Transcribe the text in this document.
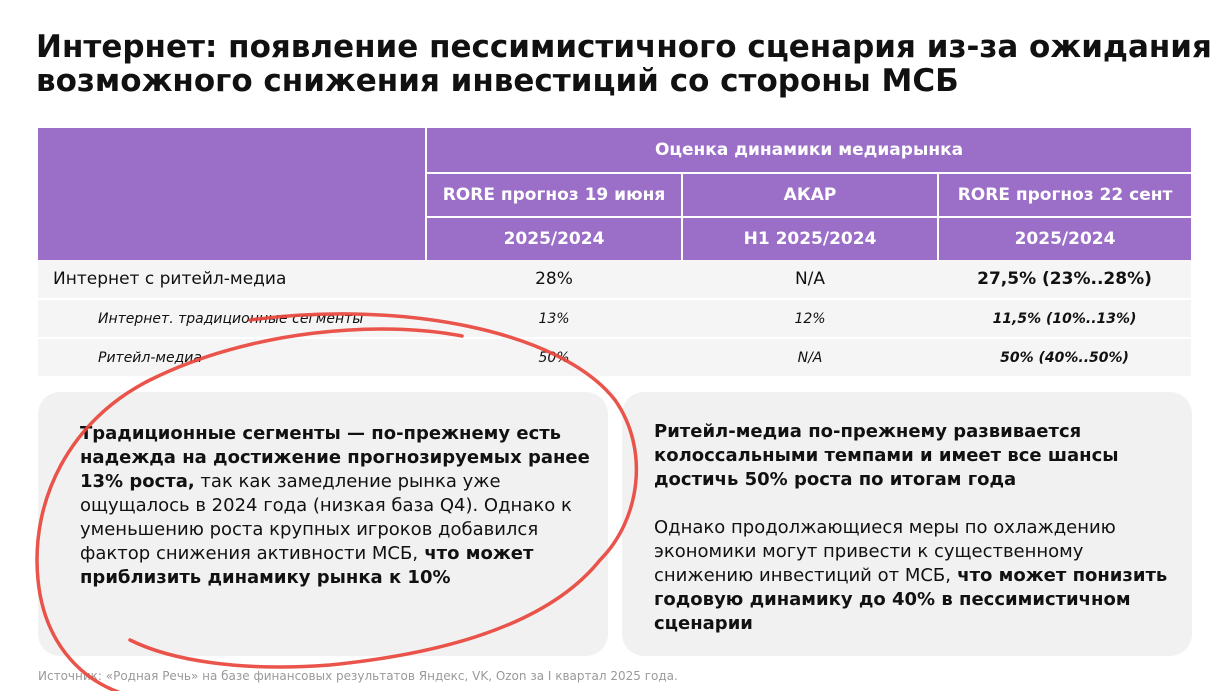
Интернет: появление пессимистичного сценария из-за ожидания
возможного снижения инвестиций со стороны МСБ
	Оценка динамики медиарынка		
	RORE прогноз 19 июня	АКАР	RORE прогноз 22 сент
	2025/2024	H1 2025/2024	2025/2024
Интернет с ритейл-медиа	28%	N/A	27,5% (23%..28%)
Интернет. традиционные сегменты	13%	12%	11,5% (10%..13%)
Ритейл-медиа	50%	N/A	50% (40%..50%)
Традиционные сегменты — по-прежнему есть надежда на достижение прогнозируемых ранее 13% роста, так как замедление рынка уже ощущалось в 2024 года (низкая база Q4). Однако к уменьшению роста крупных игроков добавился фактор снижения активности МСБ, что может приблизить динамику рынка к 10%
Ритейл-медиа по-прежнему развивается колоссальными темпами и имеет все шансы достичь 50% роста по итогам года
Однако продолжающиеся меры по охлаждению экономики могут привести к существенному снижению инвестиций от МСБ, что может понизить годовую динамику до 40% в пессимистичном сценарии
Источник: «Родная Речь» на базе финансовых результатов Яндекс, VK, Ozon за I квартал 2025 года.
